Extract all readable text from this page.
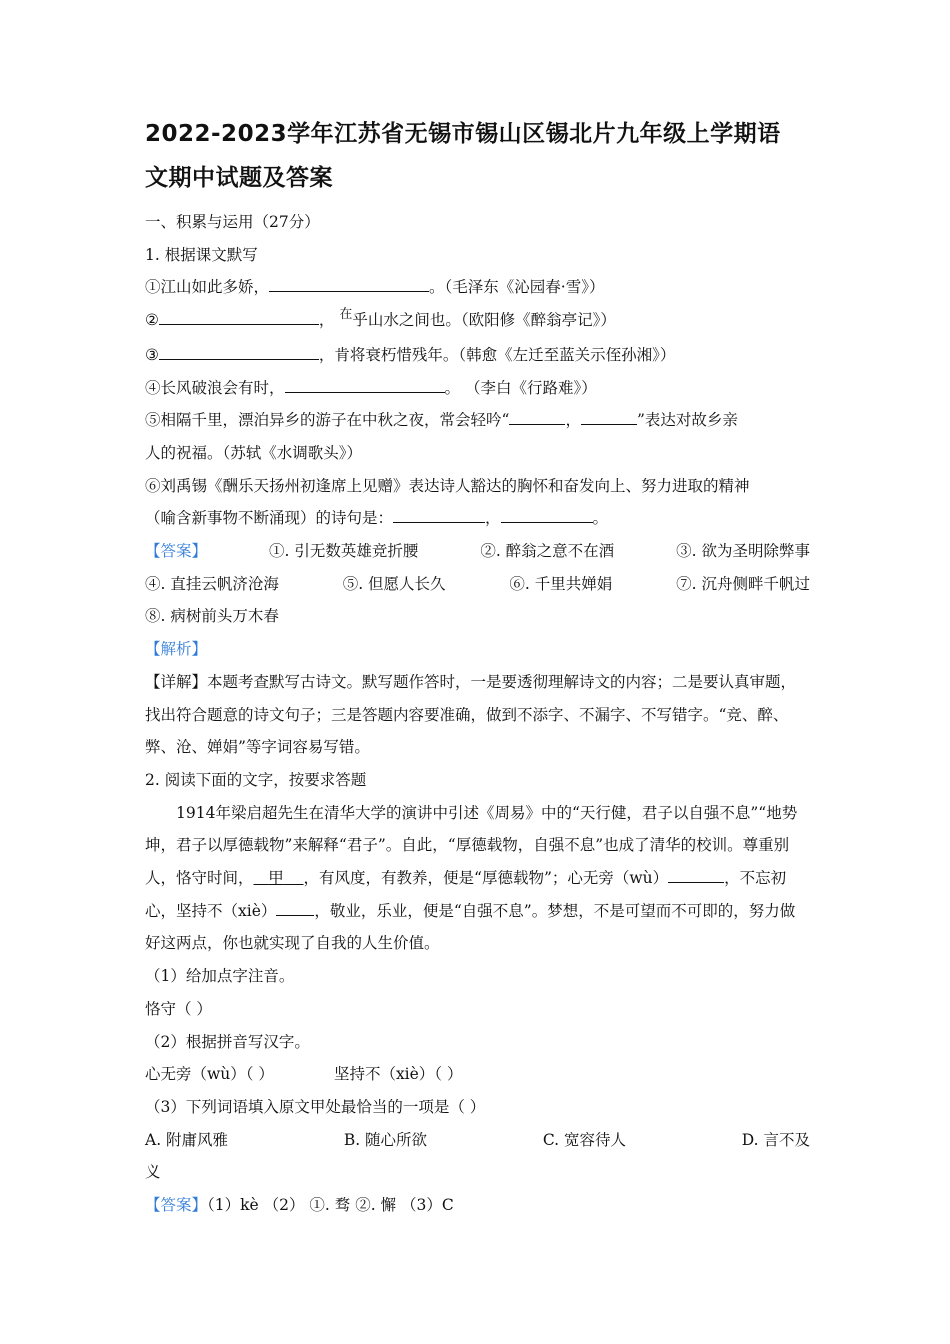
2022-2023学年江苏省无锡市锡山区锡北片九年级上学期语
文期中试题及答案
一、积累与运用（27分）
1. 根据课文默写
①江山如此多娇，	。（毛泽东《沁园春·雪》）
②	， $^在$乎山水之间也。（欧阳修《醉翁亭记》）
③	，肯将衰朽惜残年。（韩愈《左迁至蓝关示侄孙湘》）
④长风破浪会有时，	。 （李白《行路难》）
⑤相隔千里，漂泊异乡的游子在中秋之夜，常会轻吟“	，	”表达对故乡亲
人的祝福。（苏轼《水调歌头》）
⑥刘禹锡《酬乐天扬州初逢席上见赠》表达诗人豁达的胸怀和奋发向上、努力进取的精神
（喻含新事物不断涌现）的诗句是：	，	。
【答案】	①. 引无数英雄竞折腰	②. 醉翁之意不在酒	③. 欲为圣明除弊事
④. 直挂云帆济沧海	⑤. 但愿人长久	⑥. 千里共婵娟	⑦. 沉舟侧畔千帆过
⑧. 病树前头万木春
【解析】
【详解】本题考查默写古诗文。默写题作答时，一是要透彻理解诗文的内容；二是要认真审题，找出符合题意的诗文句子；三是答题内容要准确，做到不添字、不漏字、不写错字。“竞、醉、弊、沧、婵娟”等字词容易写错。
2. 阅读下面的文字，按要求答题
1914年梁启超先生在清华大学的演讲中引述《周易》中的“天行健，君子以自强不息”“地势坤，君子以厚德载物”来解释“君子”。自此，“厚德载物，自强不息”也成了清华的校训。尊重别人，恪守时间， 甲 ，有风度，有教养，便是“厚德载物”；心无旁（wù）	，不忘初心，坚持不（xiè） ，敬业，乐业，便是“自强不息”。梦想，不是可望而不可即的，努力做好这两点，你也就实现了自我的人生价值。
（1）给加点字注音。
恪守（ ）
（2）根据拼音写汉字。
心无旁（wù）（ ）	坚持不（xiè）（ ）
（3）下列词语填入原文甲处最恰当的一项是（ ）
A. 附庸风雅	B. 随心所欲	C. 宽容待人	D. 言不及
义
【答案】（1）kè （2） ①. 骛 ②. 懈 （3）C
